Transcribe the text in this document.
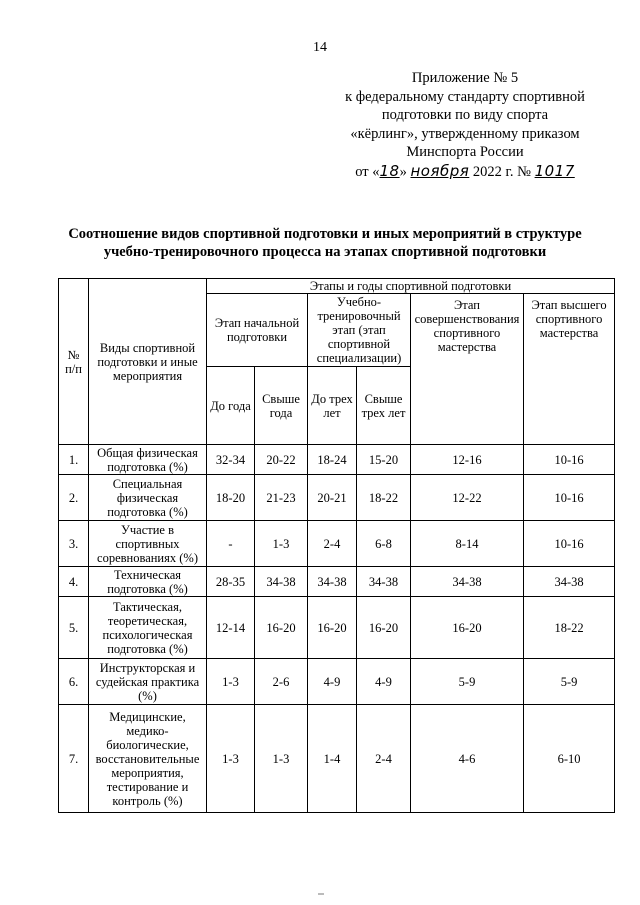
14
Приложение № 5
к федеральному стандарту спортивной
подготовки по виду спорта
«кёрлинг», утвержденному приказом
Минспорта России
от «18» ноября 2022 г. № 1017
Соотношение видов спортивной подготовки и иных мероприятий в структуре
учебно-тренировочного процесса на этапах спортивной подготовки
№ п/п	Виды спортивной подготовки и иные мероприятия	Этапы и годы спортивной подготовки					
		Этап начальной подготовки		Учебно-тренировочный этап (этап спортивной специализации)		Этап совершенствования спортивного мастерства	Этап высшего спортивного мастерства
		До года	Свыше года	До трех лет	Свыше трех лет		
1.	Общая физическая подготовка (%)	32-34	20-22	18-24	15-20	12-16	10-16
2.	Специальная физическая подготовка (%)	18-20	21-23	20-21	18-22	12-22	10-16
3.	Участие в спортивных соревнованиях (%)	-	1-3	2-4	6-8	8-14	10-16
4.	Техническая подготовка (%)	28-35	34-38	34-38	34-38	34-38	34-38
5.	Тактическая, теоретическая, психологическая подготовка (%)	12-14	16-20	16-20	16-20	16-20	18-22
6.	Инструкторская и судейская практика (%)	1-3	2-6	4-9	4-9	5-9	5-9
7.	Медицинские, медико-биологические, восстановительные мероприятия, тестирование и контроль (%)	1-3	1-3	1-4	2-4	4-6	6-10
